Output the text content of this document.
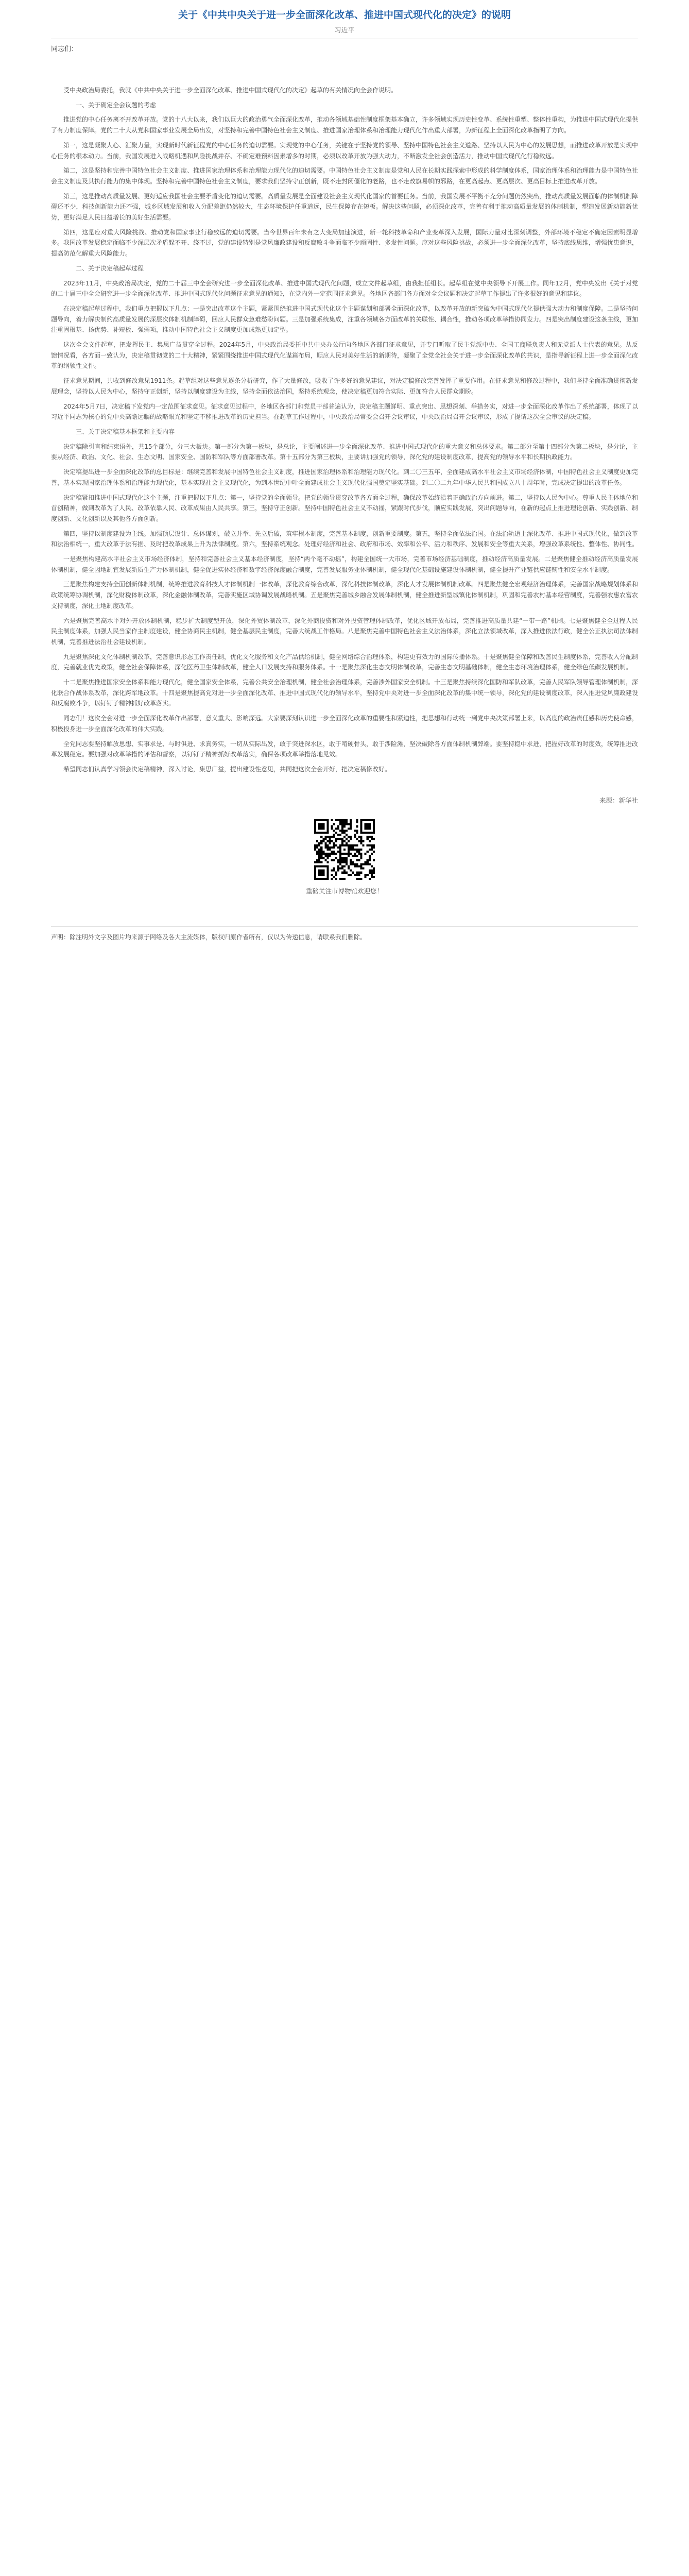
关于《中共中央关于进一步全面深化改革、推进中国式现代化的决定》的说明
习近平
同志们：

受中央政治局委托，我就《中共中央关于进一步全面深化改革、推进中国式现代化的决定》起草的有关情况向全会作说明。

一、关于确定全会议题的考虑

推进党的中心任务离不开改革开放。党的十八大以来，我们以巨大的政治勇气全面深化改革，推动各领域基础性制度框架基本确立，许多领域实现历史性变革、系统性重塑、整体性重构，为推进中国式现代化提供了有力制度保障。党的二十大从党和国家事业发展全局出发，对坚持和完善中国特色社会主义制度、推进国家治理体系和治理能力现代化作出重大部署，为新征程上全面深化改革指明了方向。

第一，这是凝聚人心、汇聚力量，实现新时代新征程党的中心任务的迫切需要。实现党的中心任务，关键在于坚持党的领导、坚持中国特色社会主义道路、坚持以人民为中心的发展思想，而推进改革开放是实现中心任务的根本动力。当前，我国发展进入战略机遇和风险挑战并存、不确定难预料因素增多的时期，必须以改革开放为强大动力，不断激发全社会创造活力，推动中国式现代化行稳致远。

第二，这是坚持和完善中国特色社会主义制度、推进国家治理体系和治理能力现代化的迫切需要。中国特色社会主义制度是党和人民在长期实践探索中形成的科学制度体系，国家治理体系和治理能力是中国特色社会主义制度及其执行能力的集中体现。坚持和完善中国特色社会主义制度，要求我们坚持守正创新，既不走封闭僵化的老路，也不走改旗易帜的邪路，在更高起点、更高层次、更高目标上推进改革开放。

第三，这是推动高质量发展、更好适应我国社会主要矛盾变化的迫切需要。高质量发展是全面建设社会主义现代化国家的首要任务。当前，我国发展不平衡不充分问题仍然突出，推动高质量发展面临的体制机制障碍还不少，科技创新能力还不强，城乡区域发展和收入分配差距仍然较大，生态环境保护任重道远，民生保障存在短板。解决这些问题，必须深化改革，完善有利于推动高质量发展的体制机制，塑造发展新动能新优势，更好满足人民日益增长的美好生活需要。

第四，这是应对重大风险挑战、推动党和国家事业行稳致远的迫切需要。当今世界百年未有之大变局加速演进，新一轮科技革命和产业变革深入发展，国际力量对比深刻调整，外部环境不稳定不确定因素明显增多。我国改革发展稳定面临不少深层次矛盾躲不开、绕不过，党的建设特别是党风廉政建设和反腐败斗争面临不少顽固性、多发性问题。应对这些风险挑战，必须进一步全面深化改革，坚持底线思维，增强忧患意识，提高防范化解重大风险能力。

二、关于决定稿起草过程

2023年11月，中央政治局决定，党的二十届三中全会研究进一步全面深化改革、推进中国式现代化问题，成立文件起草组，由我担任组长。起草组在党中央领导下开展工作。同年12月，党中央发出《关于对党的二十届三中全会研究进一步全面深化改革、推进中国式现代化问题征求意见的通知》，在党内外一定范围征求意见。各地区各部门各方面对全会议题和决定起草工作提出了许多很好的意见和建议。

在决定稿起草过程中，我们重点把握以下几点：一是突出改革这个主题，紧紧围绕推进中国式现代化这个主题谋划和部署全面深化改革，以改革开放的新突破为中国式现代化提供强大动力和制度保障。二是坚持问题导向，着力解决制约高质量发展的深层次体制机制障碍，回应人民群众急难愁盼问题。三是加强系统集成，注重各领域各方面改革的关联性、耦合性，推动各项改革举措协同发力。四是突出制度建设这条主线，更加注重固根基、扬优势、补短板、强弱项，推动中国特色社会主义制度更加成熟更加定型。

这次全会文件起草，把发挥民主、集思广益贯穿全过程。2024年5月，中央政治局委托中共中央办公厅向各地区各部门征求意见，并专门听取了民主党派中央、全国工商联负责人和无党派人士代表的意见。从反馈情况看，各方面一致认为，决定稿贯彻党的二十大精神，紧紧围绕推进中国式现代化谋篇布局，顺应人民对美好生活的新期待，凝聚了全党全社会关于进一步全面深化改革的共识，是指导新征程上进一步全面深化改革的纲领性文件。

征求意见期间，共收到修改意见1911条。起草组对这些意见逐条分析研究，作了大量修改，吸收了许多好的意见建议，对决定稿修改完善发挥了重要作用。在征求意见和修改过程中，我们坚持全面准确贯彻新发展理念，坚持以人民为中心，坚持守正创新，坚持以制度建设为主线，坚持全面依法治国，坚持系统观念，使决定稿更加符合实际、更加符合人民群众期盼。

2024年5月7日，决定稿下发党内一定范围征求意见。征求意见过程中，各地区各部门和党员干部普遍认为，决定稿主题鲜明、重点突出、思想深刻、举措务实，对进一步全面深化改革作出了系统部署，体现了以习近平同志为核心的党中央高瞻远瞩的战略眼光和坚定不移推进改革的历史担当。在起草工作过程中，中央政治局常委会召开会议审议，中央政治局召开会议审议，形成了提请这次全会审议的决定稿。

三、关于决定稿基本框架和主要内容

决定稿除引言和结束语外，共15个部分，分三大板块。第一部分为第一板块，是总论，主要阐述进一步全面深化改革、推进中国式现代化的重大意义和总体要求。第二部分至第十四部分为第二板块，是分论，主要从经济、政治、文化、社会、生态文明、国家安全、国防和军队等方面部署改革。第十五部分为第三板块，主要讲加强党的领导，深化党的建设制度改革，提高党的领导水平和长期执政能力。

决定稿提出进一步全面深化改革的总目标是：继续完善和发展中国特色社会主义制度，推进国家治理体系和治理能力现代化。到二〇三五年，全面建成高水平社会主义市场经济体制，中国特色社会主义制度更加完善，基本实现国家治理体系和治理能力现代化，基本实现社会主义现代化，为到本世纪中叶全面建成社会主义现代化强国奠定坚实基础。到二〇二九年中华人民共和国成立八十周年时，完成决定提出的改革任务。

决定稿紧扣推进中国式现代化这个主题，注重把握以下几点：第一，坚持党的全面领导。把党的领导贯穿改革各方面全过程，确保改革始终沿着正确政治方向前进。第二，坚持以人民为中心。尊重人民主体地位和首创精神，做到改革为了人民、改革依靠人民、改革成果由人民共享。第三，坚持守正创新。坚持中国特色社会主义不动摇，紧跟时代步伐，顺应实践发展，突出问题导向，在新的起点上推进理论创新、实践创新、制度创新、文化创新以及其他各方面创新。

第四，坚持以制度建设为主线。加强顶层设计、总体谋划，破立并举、先立后破，筑牢根本制度，完善基本制度，创新重要制度。第五，坚持全面依法治国。在法治轨道上深化改革、推进中国式现代化，做到改革和法治相统一，重大改革于法有据、及时把改革成果上升为法律制度。第六，坚持系统观念。处理好经济和社会、政府和市场、效率和公平、活力和秩序、发展和安全等重大关系，增强改革系统性、整体性、协同性。

一是聚焦构建高水平社会主义市场经济体制，坚持和完善社会主义基本经济制度，坚持“两个毫不动摇”，构建全国统一大市场，完善市场经济基础制度，推动经济高质量发展。二是聚焦健全推动经济高质量发展体制机制，健全因地制宜发展新质生产力体制机制，健全促进实体经济和数字经济深度融合制度，完善发展服务业体制机制，健全现代化基础设施建设体制机制，健全提升产业链供应链韧性和安全水平制度。

三是聚焦构建支持全面创新体制机制，统筹推进教育科技人才体制机制一体改革，深化教育综合改革，深化科技体制改革，深化人才发展体制机制改革。四是聚焦健全宏观经济治理体系，完善国家战略规划体系和政策统筹协调机制，深化财税体制改革，深化金融体制改革，完善实施区域协调发展战略机制。五是聚焦完善城乡融合发展体制机制，健全推进新型城镇化体制机制，巩固和完善农村基本经营制度，完善强农惠农富农支持制度，深化土地制度改革。

六是聚焦完善高水平对外开放体制机制，稳步扩大制度型开放，深化外贸体制改革，深化外商投资和对外投资管理体制改革，优化区域开放布局，完善推进高质量共建“一带一路”机制。七是聚焦健全全过程人民民主制度体系，加强人民当家作主制度建设，健全协商民主机制，健全基层民主制度，完善大统战工作格局。八是聚焦完善中国特色社会主义法治体系，深化立法领域改革，深入推进依法行政，健全公正执法司法体制机制，完善推进法治社会建设机制。

九是聚焦深化文化体制机制改革，完善意识形态工作责任制，优化文化服务和文化产品供给机制，健全网络综合治理体系，构建更有效力的国际传播体系。十是聚焦健全保障和改善民生制度体系，完善收入分配制度，完善就业优先政策，健全社会保障体系，深化医药卫生体制改革，健全人口发展支持和服务体系。十一是聚焦深化生态文明体制改革，完善生态文明基础体制，健全生态环境治理体系，健全绿色低碳发展机制。

十二是聚焦推进国家安全体系和能力现代化，健全国家安全体系，完善公共安全治理机制，健全社会治理体系，完善涉外国家安全机制。十三是聚焦持续深化国防和军队改革，完善人民军队领导管理体制机制，深化联合作战体系改革，深化跨军地改革。十四是聚焦提高党对进一步全面深化改革、推进中国式现代化的领导水平，坚持党中央对进一步全面深化改革的集中统一领导，深化党的建设制度改革，深入推进党风廉政建设和反腐败斗争，以钉钉子精神抓好改革落实。

同志们！这次全会对进一步全面深化改革作出部署，意义重大、影响深远。大家要深刻认识进一步全面深化改革的重要性和紧迫性，把思想和行动统一到党中央决策部署上来，以高度的政治责任感和历史使命感，积极投身进一步全面深化改革的伟大实践。

全党同志要坚持解放思想、实事求是、与时俱进、求真务实，一切从实际出发，敢于突进深水区，敢于啃硬骨头，敢于涉险滩，坚决破除各方面体制机制弊端。要坚持稳中求进，把握好改革的时度效，统筹推进改革发展稳定。要加强对改革举措的评估和督察，以钉钉子精神抓好改革落实，确保各项改革举措落地见效。

希望同志们认真学习领会决定稿精神，深入讨论，集思广益，提出建设性意见，共同把这次全会开好，把决定稿修改好。

来源：新华社
重磅关注市博物馆欢迎您！

声明：除注明外文字及图片均来源于网络及各大主流媒体，版权归原作者所有，仅以为传递信息，请联系我们删除。
